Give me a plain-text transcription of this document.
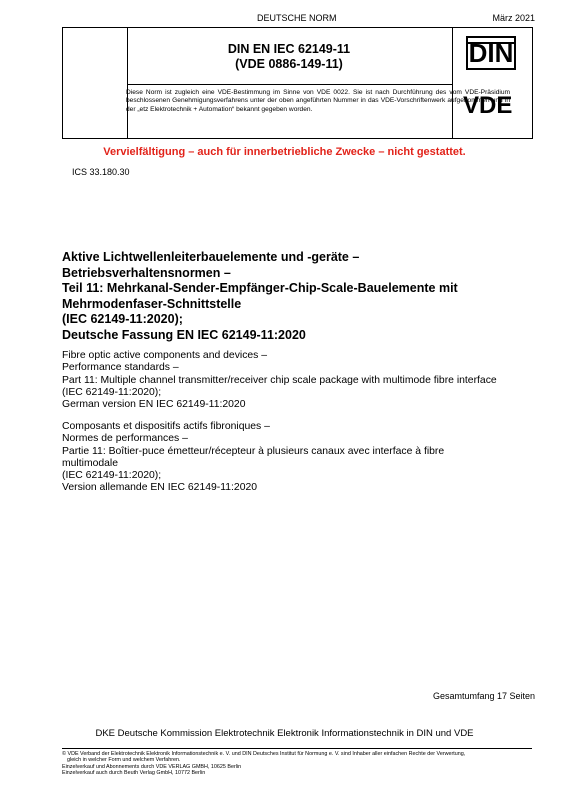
DEUTSCHE NORM	März 2021
DIN EN IEC 62149-11
(VDE 0886-149-11)
Diese Norm ist zugleich eine VDE-Bestimmung im Sinne von VDE 0022. Sie ist nach Durchführung des vom VDE-Präsidium beschlossenen Genehmigungsverfahrens unter der oben angeführten Nummer in das VDE-Vorschriftenwerk aufgenommen und in der „etz Elektrotechnik + Automation“ bekannt gegeben worden.
DIN
VDE
Vervielfältigung – auch für innerbetriebliche Zwecke – nicht gestattet.
ICS 33.180.30
Aktive Lichtwellenleiterbauelemente und -geräte –
Betriebsverhaltensnormen –
Teil 11: Mehrkanal-Sender-Empfänger-Chip-Scale-Bauelemente mit
Mehrmodenfaser-Schnittstelle
(IEC 62149-11:2020);
Deutsche Fassung EN IEC 62149-11:2020
Fibre optic active components and devices –
Performance standards –
Part 11: Multiple channel transmitter/receiver chip scale package with multimode fibre interface
(IEC 62149-11:2020);
German version EN IEC 62149-11:2020
Composants et dispositifs actifs fibroniques –
Normes de performances –
Partie 11: Boîtier-puce émetteur/récepteur à plusieurs canaux avec interface à fibre
multimodale
(IEC 62149-11:2020);
Version allemande EN IEC 62149-11:2020
Gesamtumfang 17 Seiten
DKE Deutsche Kommission Elektrotechnik Elektronik Informationstechnik in DIN und VDE
© VDE Verband der Elektrotechnik Elektronik Informationstechnik e. V. und DIN Deutsches Institut für Normung e. V. sind Inhaber aller einfachen Rechte der Verwertung,
gleich in welcher Form und welchem Verfahren.
Einzelverkauf und Abonnements durch VDE VERLAG GMBH, 10625 Berlin
Einzelverkauf auch durch Beuth Verlag GmbH, 10772 Berlin
